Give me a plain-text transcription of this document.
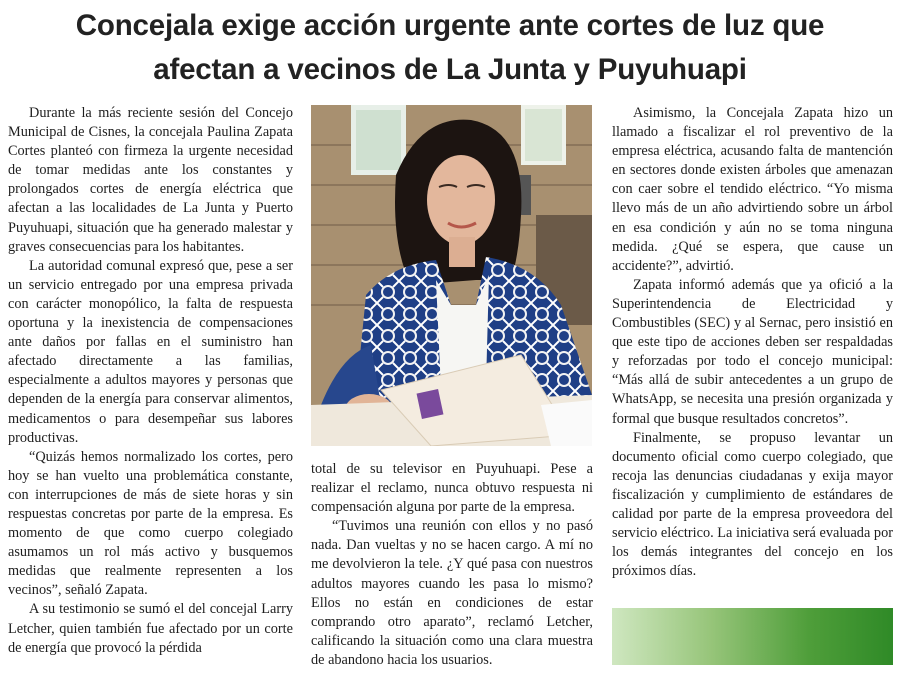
Concejala exige acción urgente ante cortes de luz que
afectan a vecinos de La Junta y Puyuhuapi

Durante la más reciente sesión del Concejo Municipal de Cisnes, la concejala Paulina Zapata Cortes planteó con firmeza la urgente necesidad de tomar medidas ante los constantes y prolongados cortes de energía eléctrica que afectan a las localidades de La Junta y Puerto Puyuhuapi, situación que ha generado malestar y graves consecuencias para los habitantes.

La autoridad comunal expresó que, pese a ser un servicio entregado por una empresa privada con carácter monopólico, la falta de respuesta oportuna y la inexistencia de compensaciones ante daños por fallas en el suministro han afectado directamente a las familias, especialmente a adultos mayores y personas que dependen de la energía para conservar alimentos, medicamentos o para desempeñar sus labores productivas.

“Quizás hemos normalizado los cortes, pero hoy se han vuelto una problemática constante, con interrupciones de más de siete horas y sin respuestas concretas por parte de la empresa. Es momento de que como cuerpo colegiado asumamos un rol más activo y busquemos medidas que realmente representen a los vecinos”, señaló Zapata.

A su testimonio se sumó el del concejal Larry Letcher, quien también fue afectado por un corte de energía que provocó la pérdida

total de su televisor en Puyuhuapi. Pese a realizar el reclamo, nunca obtuvo respuesta ni compensación alguna por parte de la empresa.

“Tuvimos una reunión con ellos y no pasó nada. Dan vueltas y no se hacen cargo. A mí no me devolvieron la tele. ¿Y qué pasa con nuestros adultos mayores cuando les pasa lo mismo? Ellos no están en condiciones de estar comprando otro aparato”, reclamó Letcher, calificando la situación como una clara muestra de abandono hacia los usuarios.

Asimismo, la Concejala Zapata hizo un llamado a fiscalizar el rol preventivo de la empresa eléctrica, acusando falta de mantención en sectores donde existen árboles que amenazan con caer sobre el tendido eléctrico. “Yo misma llevo más de un año advirtiendo sobre un árbol en esa condición y aún no se toma ninguna medida. ¿Qué se espera, que cause un accidente?”, advirtió.

Zapata informó además que ya ofició a la Superintendencia de Electricidad y Combustibles (SEC) y al Sernac, pero insistió en que este tipo de acciones deben ser respaldadas y reforzadas por todo el concejo municipal: “Más allá de subir antecedentes a un grupo de WhatsApp, se necesita una presión organizada y formal que busque resultados concretos”.

Finalmente, se propuso levantar un documento oficial como cuerpo colegiado, que recoja las denuncias ciudadanas y exija mayor fiscalización y cumplimiento de estándares de calidad por parte de la empresa proveedora del servicio eléctrico. La iniciativa será evaluada por los demás integrantes del concejo en los próximos días.
